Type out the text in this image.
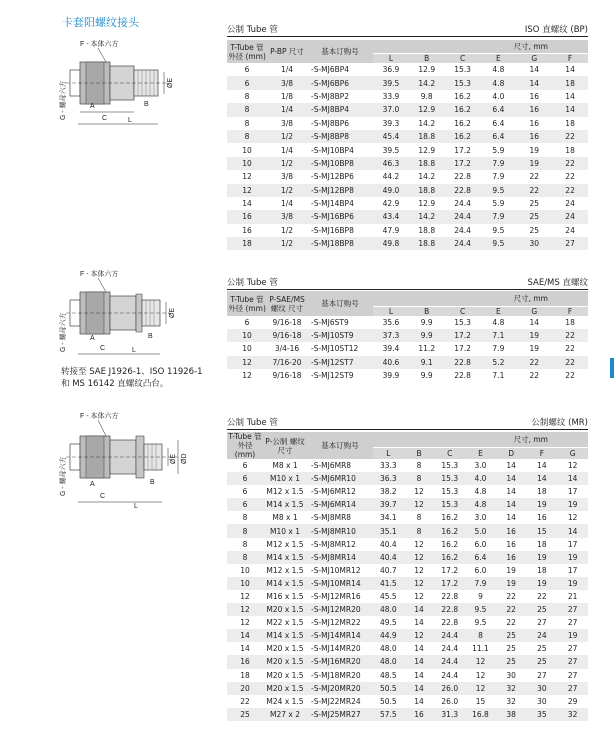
卡套阳螺纹接头
F - 本体六方
G - 螺母六方	ØE
A
C	L
B
F - 本体六方
G - 螺母六方	ØE
A
C	L
B
转接至 SAE J1926-1、ISO 11926-1 和 MS 16142 直螺纹凸台。
F - 本体六方
G - 螺母六方	ØE ØD
A
C
L
B
公制 Tube 管	ISO 直螺纹 (BP)
T-Tube 管外径 (mm)	P-BP 尺寸	基本订购号	尺寸, mm					
			L	B	C	E	G	F
6	1/4	-S-MJ6BP4	36.9	12.9	15.3	4.8	14	14
6	3/8	-S-MJ6BP6	39.5	14.2	15.3	4.8	14	18
8	1/8	-S-MJ8BP2	33.9	9.8	16.2	4.0	16	14
8	1/4	-S-MJ8BP4	37.0	12.9	16.2	6.4	16	14
8	3/8	-S-MJ8BP6	39.3	14.2	16.2	6.4	16	18
8	1/2	-S-MJ8BP8	45.4	18.8	16.2	6.4	16	22
10	1/4	-S-MJ10BP4	39.5	12.9	17.2	5.9	19	18
10	1/2	-S-MJ10BP8	46.3	18.8	17.2	7.9	19	22
12	3/8	-S-MJ12BP6	44.2	14.2	22.8	7.9	22	22
12	1/2	-S-MJ12BP8	49.0	18.8	22.8	9.5	22	22
14	1/4	-S-MJ14BP4	42.9	12.9	24.4	5.9	25	24
16	3/8	-S-MJ16BP6	43.4	14.2	24.4	7.9	25	24
16	1/2	-S-MJ16BP8	47.9	18.8	24.4	9.5	25	24
18	1/2	-S-MJ18BP8	49.8	18.8	24.4	9.5	30	27
公制 Tube 管	SAE/MS 直螺纹
T-Tube 管外径 (mm)	P-SAE/MS 螺纹 尺寸	基本订购号	尺寸, mm					
			L	B	C	E	G	F
6	9/16-18	-S-MJ6ST9	35.6	9.9	15.3	4.8	14	18
10	9/16-18	-S-MJ10ST9	37.3	9.9	17.2	7.1	19	22
10	3/4-16	-S-MJ10ST12	39.4	11.2	17.2	7.9	19	22
12	7/16-20	-S-MJ12ST7	40.6	9.1	22.8	5.2	22	22
12	9/16-18	-S-MJ12ST9	39.9	9.9	22.8	7.1	22	22
公制 Tube 管	公制螺纹 (MR)
T-Tube 管外径 (mm)	P-公制 螺纹 尺寸	基本订购号	尺寸, mm						
			L	B	C	E	D	F	G
6	M8 x 1	-S-MJ6MR8	33.3	8	15.3	3.0	14	14	12
6	M10 x 1	-S-MJ6MR10	36.3	8	15.3	4.0	14	14	14
6	M12 x 1.5	-S-MJ6MR12	38.2	12	15.3	4.8	14	18	17
6	M14 x 1.5	-S-MJ6MR14	39.7	12	15.3	4.8	14	19	19
8	M8 x 1	-S-MJ8MR8	34.1	8	16.2	3.0	14	16	12
8	M10 x 1	-S-MJ8MR10	35.1	8	16.2	5.0	16	15	14
8	M12 x 1.5	-S-MJ8MR12	40.4	12	16.2	6.0	16	18	17
8	M14 x 1.5	-S-MJ8MR14	40.4	12	16.2	6.4	16	19	19
10	M12 x 1.5	-S-MJ10MR12	40.7	12	17.2	6.0	19	18	17
10	M14 x 1.5	-S-MJ10MR14	41.5	12	17.2	7.9	19	19	19
12	M16 x 1.5	-S-MJ12MR16	45.5	12	22.8	9	22	22	21
12	M20 x 1.5	-S-MJ12MR20	48.0	14	22.8	9.5	22	25	27
12	M22 x 1.5	-S-MJ12MR22	49.5	14	22.8	9.5	22	27	27
14	M14 x 1.5	-S-MJ14MR14	44.9	12	24.4	8	25	24	19
14	M20 x 1.5	-S-MJ14MR20	48.0	14	24.4	11.1	25	25	27
16	M20 x 1.5	-S-MJ16MR20	48.0	14	24.4	12	25	25	27
18	M20 x 1.5	-S-MJ18MR20	48.5	14	24.4	12	30	27	27
20	M20 x 1.5	-S-MJ20MR20	50.5	14	26.0	12	32	30	27
22	M24 x 1.5	-S-MJ22MR24	50.5	14	26.0	15	32	30	29
25	M27 x 2	-S-MJ25MR27	57.5	16	31.3	16.8	38	35	32
